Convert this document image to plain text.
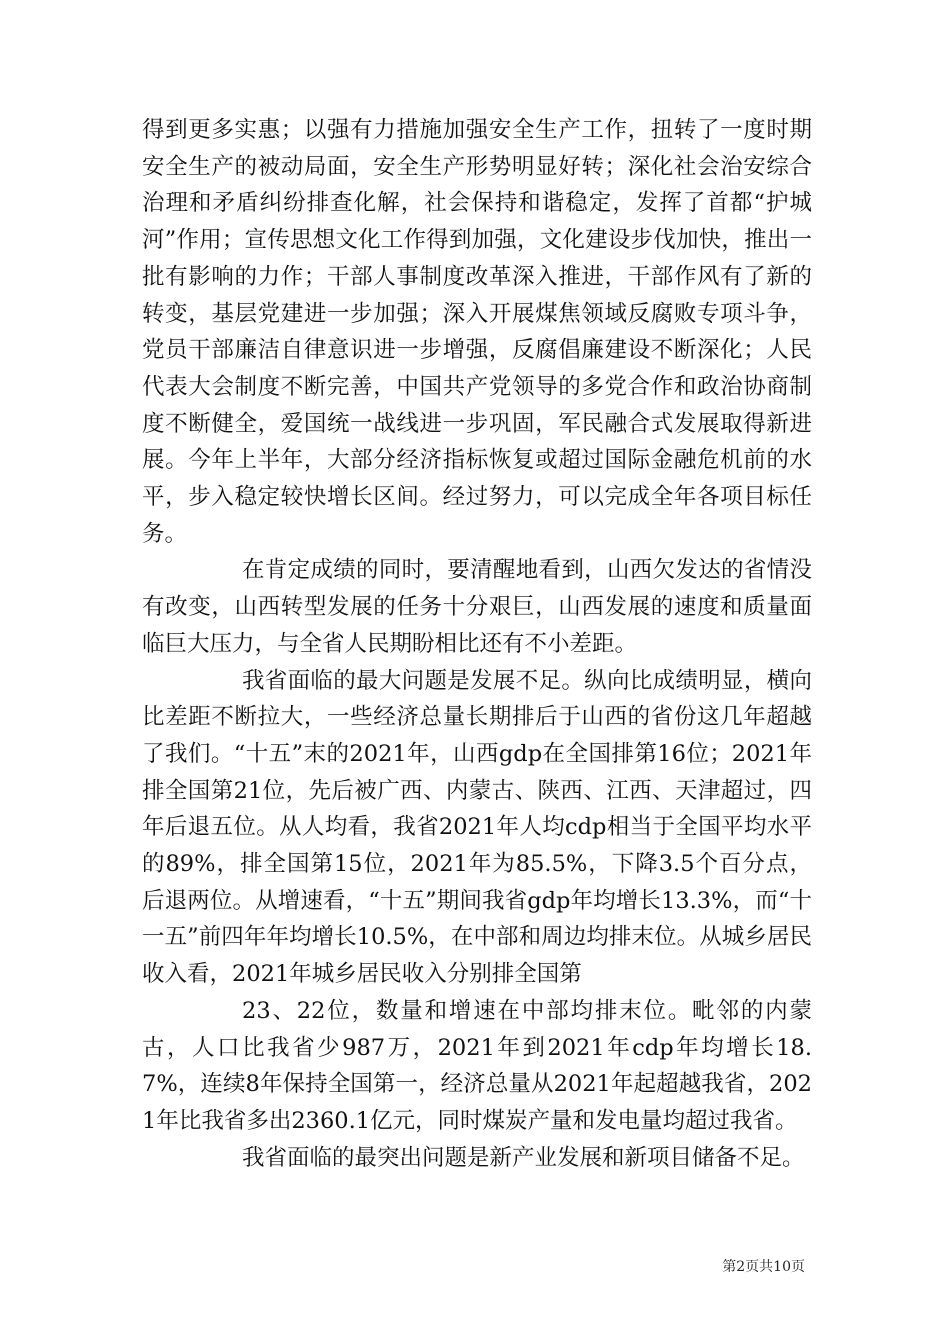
得到更多实惠；以强有力措施加强安全生产工作，扭转了一度时期安全生产的被动局面，安全生产形势明显好转；深化社会治安综合治理和矛盾纠纷排查化解，社会保持和谐稳定，发挥了首都“护城河”作用；宣传思想文化工作得到加强，文化建设步伐加快，推出一批有影响的力作；干部人事制度改革深入推进，干部作风有了新的转变，基层党建进一步加强；深入开展煤焦领域反腐败专项斗争，党员干部廉洁自律意识进一步增强，反腐倡廉建设不断深化；人民代表大会制度不断完善，中国共产党领导的多党合作和政治协商制度不断健全，爱国统一战线进一步巩固，军民融合式发展取得新进展。今年上半年，大部分经济指标恢复或超过国际金融危机前的水平，步入稳定较快增长区间。经过努力，可以完成全年各项目标任务。

在肯定成绩的同时，要清醒地看到，山西欠发达的省情没有改变，山西转型发展的任务十分艰巨，山西发展的速度和质量面临巨大压力，与全省人民期盼相比还有不小差距。

我省面临的最大问题是发展不足。纵向比成绩明显，横向比差距不断拉大，一些经济总量长期排后于山西的省份这几年超越了我们。“十五”末的2021年，山西gdp在全国排第16位；2021年排全国第21位，先后被广西、内蒙古、陕西、江西、天津超过，四年后退五位。从人均看，我省2021年人均cdp相当于全国平均水平的89%，排全国第15位，2021年为85.5%，下降3.5个百分点，后退两位。从增速看，“十五”期间我省gdp年均增长13.3%，而“十一五”前四年年均增长10.5%，在中部和周边均排末位。从城乡居民收入看，2021年城乡居民收入分别排全国第

23、22位，数量和增速在中部均排末位。毗邻的内蒙古，人口比我省少987万，2021年到2021年cdp年均增长18.7%，连续8年保持全国第一，经济总量从2021年起超越我省，2021年比我省多出2360.1亿元，同时煤炭产量和发电量均超过我省。

我省面临的最突出问题是新产业发展和新项目储备不足。

第2页共10页
